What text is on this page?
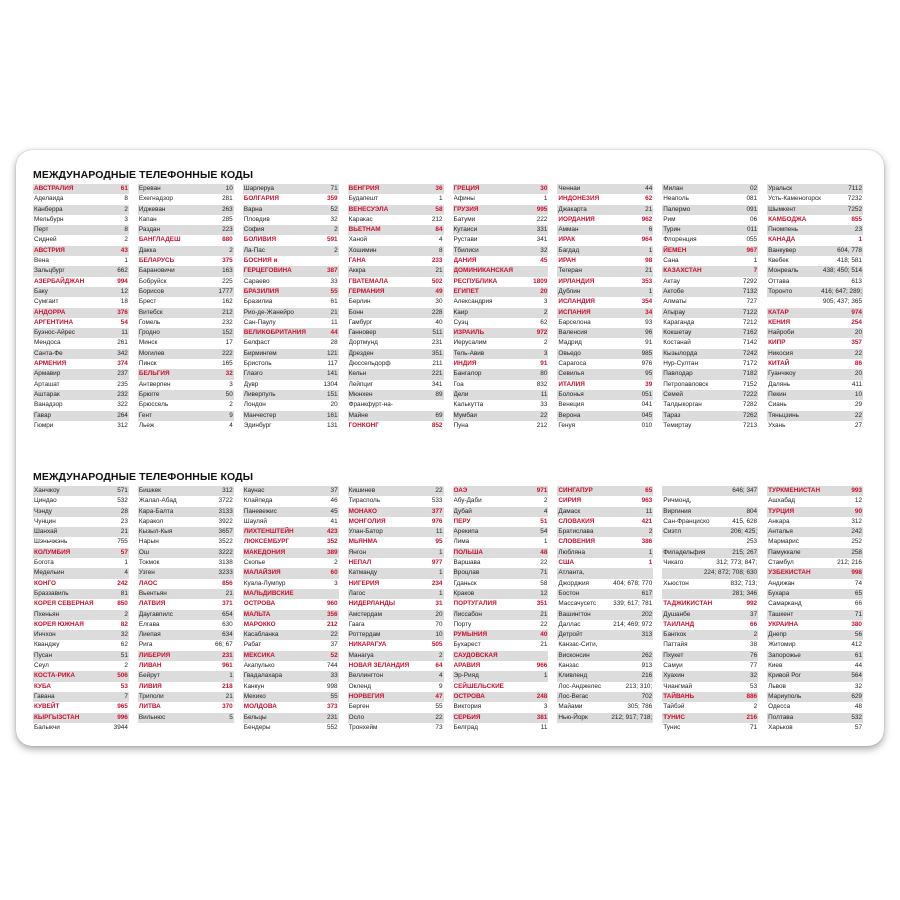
МЕЖДУНАРОДНЫЕ ТЕЛЕФОННЫЕ КОДЫ
АВСТРАЛИЯ	61
Аделаида	8
Канберра	2
Мельбурн	3
Перт	8
Сидней	2
АВСТРИЯ	43
Вена	1
Зальцбург	662
АЗЕРБАЙДЖАН	994
Баку	12
Сумгаит	18
АНДОРРА	376
АРГЕНТИНА	54
Буэнос-Айрес	11
Мендоса	261
Санта-Фе	342
АРМЕНИЯ	374
Армавир	237
Арташат	235
Аштарак	232
Ванадзор	322
Гавар	264
Гюмри	312
Ереван	10
Ехегнадзор	281
Иджеван	263
Капан	285
Раздан	223
БАНГЛАДЕШ	880
Дакка	2
БЕЛАРУСЬ	375
Барановичи	163
Бобруйск	225
Борисов	1777
Брест	162
Витебск	212
Гомель	232
Гродно	152
Минск	17
Могилев	222
Пинск	165
БЕЛЬГИЯ	32
Антверпен	3
Брюгге	50
Брюссель	2
Гент	9
Льеж	4
Шарлеруа	71
БОЛГАРИЯ	359
Варна	52
Пловдив	32
София	2
БОЛИВИЯ	591
Ла-Пас	2
БОСНИЯ и
ГЕРЦЕГОВИНА	387
Сараево	33
БРАЗИЛИЯ	55
Бразилиа	61
Рио-де-Жанейро	21
Сан-Паулу	11
ВЕЛИКОБРИТАНИЯ	44
Белфаст	28
Бирмингем	121
Бристоль	117
Глазго	141
Дувр	1304
Ливерпуль	151
Лондон	20
Манчестер	161
Эдинбург	131
ВЕНГРИЯ	36
Будапешт	1
ВЕНЕСУЭЛА	58
Каракас	212
ВЬЕТНАМ	84
Ханой	4
Хошимин	8
ГАНА	233
Аккра	21
ГВАТЕМАЛА	502
ГЕРМАНИЯ	49
Берлин	30
Бонн	228
Гамбург	40
Ганновер	511
Дортмунд	231
Дрезден	351
Дюссельдорф	211
Кельн	221
Лейпциг	341
Мюнхен	89
Франкфурт-на-
Майне	69
ГОНКОНГ	852
ГРЕЦИЯ	30
Афины	1
ГРУЗИЯ	995
Батуми	222
Кутаиси	331
Рустави	341
Тбилиси	32
ДАНИЯ	45
ДОМИНИКАНСКАЯ
РЕСПУБЛИКА	1809
ЕГИПЕТ	20
Александрия	3
Каир	2
Суэц	62
ИЗРАИЛЬ	972
Иерусалим	2
Тель-Авив	3
ИНДИЯ	91
Бангалор	80
Гоа	832
Дели	11
Калькутта	33
Мумбаи	22
Пуна	212
Ченнаи	44
ИНДОНЕЗИЯ	62
Джакарта	21
ИОРДАНИЯ	962
Амман	6
ИРАК	964
Багдад	1
ИРАН	98
Тегеран	21
ИРЛАНДИЯ	353
Дублин	1
ИСЛАНДИЯ	354
ИСПАНИЯ	34
Барселона	93
Валенсия	96
Мадрид	91
Овьедо	985
Сарагоса	976
Севилья	95
ИТАЛИЯ	39
Болонья	051
Венеция	041
Верона	045
Генуя	010
Милан	02
Неаполь	081
Палермо	091
Рим	06
Турин	011
Флоренция	055
ЙЕМЕН	967
Сана	1
КАЗАХСТАН	7
Актау	7292
Актобе	7132
Алматы	727
Атырау	7122
Караганда	7212
Кокшетау	7162
Костанай	7142
Кызылорда	7242
Нур-Султан	7172
Павлодар	7182
Петропавловск	7152
Семей	7222
Талдыкорган	7282
Тараз	7262
Темиртау	7213
Уральск	7112
Усть-Каменогорск	7232
Шымкент	7252
КАМБОДЖА	855
Пномпень	23
КАНАДА	1
Ванкувер	604, 778
Квебек	418; 581
Монреаль	438; 450; 514
Оттава	613
Торонто	416; 647; 289;
905; 437; 365
КАТАР	974
КЕНИЯ	254
Найроби	20
КИПР	357
Никосия	22
КИТАЙ	86
Гуанчжоу	20
Далянь	411
Пекин	10
Сиань	29
Тяньцзинь	22
Ухань	27
МЕЖДУНАРОДНЫЕ ТЕЛЕФОННЫЕ КОДЫ
Ханчжоу	571
Циндао	532
Чэнду	28
Чунцин	23
Шанхай	21
Шэньчжэнь	755
КОЛУМБИЯ	57
Богота	1
Медельин	4
КОНГО	242
Браззавиль	81
КОРЕЯ СЕВЕРНАЯ	850
Пхеньян	2
КОРЕЯ ЮЖНАЯ	82
Инчхон	32
Кванджу	62
Пусан	51
Сеул	2
КОСТА-РИКА	506
КУБА	53
Гавана	7
КУВЕЙТ	965
КЫРГЫЗСТАН	996
Балыкчи	3944
Бишкек	312
Жалал-Абад	3722
Кара-Балта	3133
Каракол	3922
Кызыл-Кыя	3657
Нарын	3522
Ош	3222
Токмок	3138
Узген	3233
ЛАОС	856
Вьентьян	21
ЛАТВИЯ	371
Даугавпилс	654
Елгава	630
Лиепая	634
Рига	66; 67
ЛИБЕРИЯ	231
ЛИВАН	961
Бейрут	1
ЛИВИЯ	218
Триполи	21
ЛИТВА	370
Вильнюс	5
Каунас	37
Клайпеда	46
Паневежис	45
Шауляй	41
ЛИХТЕНШТЕЙН	423
ЛЮКСЕМБУРГ	352
МАКЕДОНИЯ	389
Скопье	2
МАЛАЙЗИЯ	60
Куала-Лумпур	3
МАЛЬДИВСКИЕ
ОСТРОВА	960
МАЛЬТА	356
МАРОККО	212
Касабланка	22
Рабат	37
МЕКСИКА	52
Акапулько	744
Гвадалахара	33
Канкун	998
Мехико	55
МОЛДОВА	373
Бельцы	231
Бендеры	552
Кишинев	22
Тирасполь	533
МОНАКО	377
МОНГОЛИЯ	976
Улан-Батор	11
МЬЯНМА	95
Янгон	1
НЕПАЛ	977
Катманду	1
НИГЕРИЯ	234
Лагос	1
НИДЕРЛАНДЫ	31
Амстердам	20
Гаага	70
Роттердам	10
НИКАРАГУА	505
Манагуа	2
НОВАЯ ЗЕЛАНДИЯ	64
Веллингтон	4
Окленд	9
НОРВЕГИЯ	47
Берген	55
Осло	22
Тронхейм	73
ОАЭ	971
Абу-Даби	2
Дубай	4
ПЕРУ	51
Арекипа	54
Лима	1
ПОЛЬША	48
Варшава	22
Вроцлав	71
Гданьск	58
Краков	12
ПОРТУГАЛИЯ	351
Лиссабон	21
Порту	22
РУМЫНИЯ	40
Бухарест	21
САУДОВСКАЯ
АРАВИЯ	966
Эр-Рияд	1
СЕЙШЕЛЬСКИЕ
ОСТРОВА	248
Виктория	3
СЕРБИЯ	381
Белград	11
СИНГАПУР	65
СИРИЯ	963
Дамаск	11
СЛОВАКИЯ	421
Братислава	2
СЛОВЕНИЯ	386
Любляна	1
США	1
Атланта,
Джорджия	404; 678; 770
Бостон	617
Массачусетс	339; 617; 781
Вашингтон	202
Даллас	214; 469; 972
Детройт	313
Канзас-Сити,
Висконсин	262
Канзас	913
Кливленд	216
Лос-Анджелес	213; 310;
Лос-Вегас	702
Майами	305; 786
Нью-Йорк	212; 917; 718;
646; 347
Ричмонд,
Виргиния	804
Сан-Франциско	415, 628
Сиэтл	206; 425;
253
Филадельфия	215; 267
Чикаго	312; 773; 847;
224; 872; 708; 630
Хьюстон	832; 713;
281; 346
ТАДЖИКИСТАН	992
Душанбе	37
ТАИЛАНД	66
Бангкок	2
Паттайя	38
Пхукет	76
Самуи	77
Хуахин	32
Чиангмай	53
ТАЙВАНЬ	886
Тайбэй	2
ТУНИС	216
Тунис	71
ТУРКМЕНИСТАН	993
Ашхабад	12
ТУРЦИЯ	90
Анкара	312
Анталья	242
Мармарис	252
Памуккале	258
Стамбул	212; 216
УЗБЕКИСТАН	998
Андижан	74
Бухара	65
Самарканд	66
Ташкент	71
УКРАИНА	380
Днепр	56
Житомир	412
Запорожье	61
Киев	44
Кривой Рог	564
Львов	32
Мариуполь	629
Одесса	48
Полтава	532
Харьков	57
